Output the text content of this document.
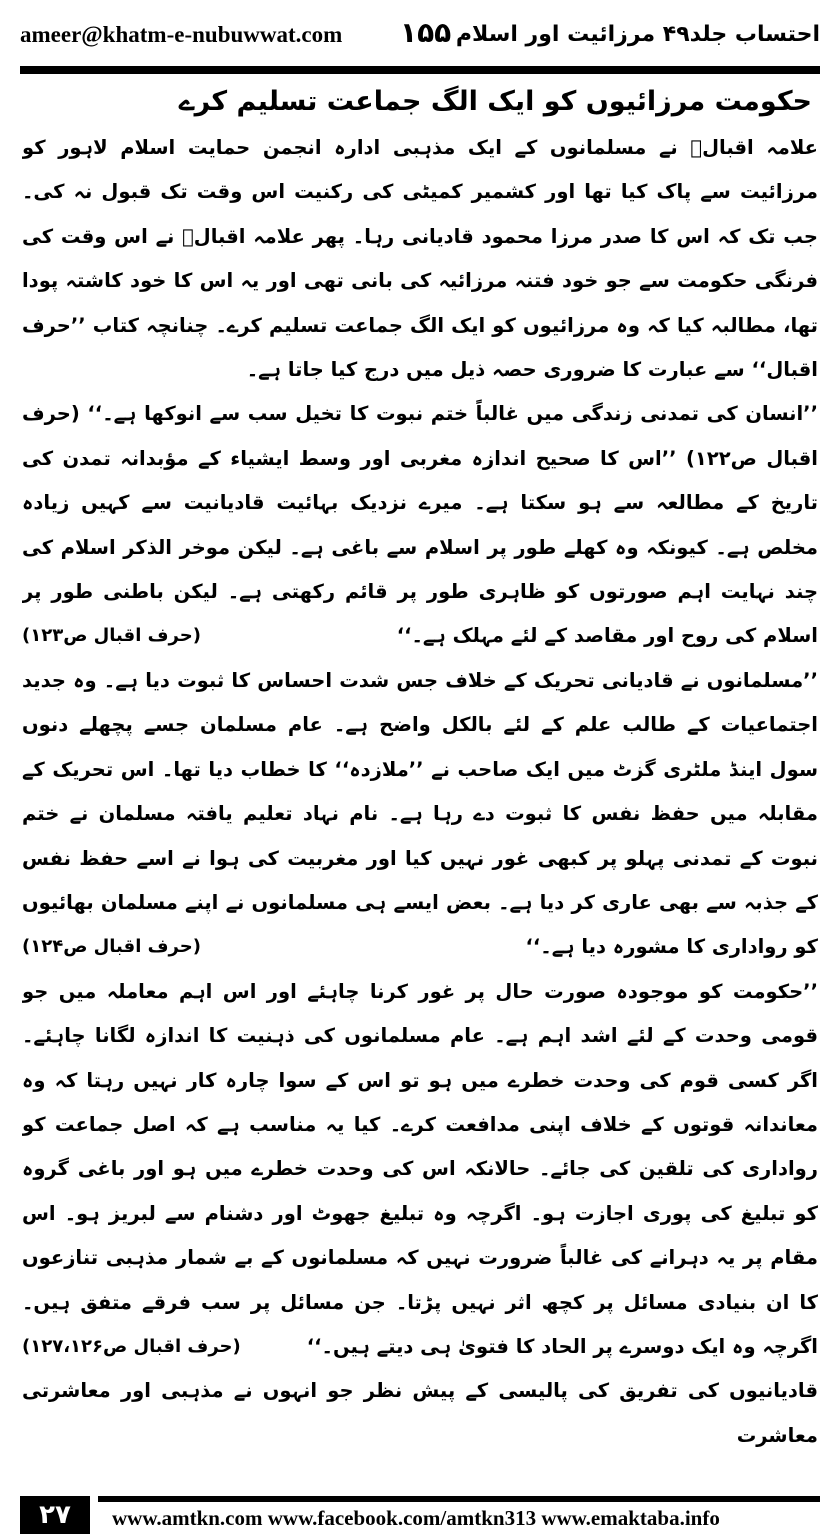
ameer@khatm-e-nubuwwat.com ۱۵۵ احتساب جلد۴۹ مرزائیت اور اسلام
حکومت مرزائیوں کو ایک الگ جماعت تسلیم کرے

علامہ اقبالؒ نے مسلمانوں کے ایک مذہبی ادارہ انجمن حمایت اسلام لاہور کو مرزائیت سے پاک کیا تھا اور کشمیر کمیٹی کی رکنیت اس وقت تک قبول نہ کی۔ جب تک کہ اس کا صدر مرزا محمود قادیانی رہا۔ پھر علامہ اقبالؒ نے اس وقت کی فرنگی حکومت سے جو خود فتنہ مرزائیہ کی بانی تھی اور یہ اس کا خود کاشتہ پودا تھا، مطالبہ کیا کہ وہ مرزائیوں کو ایک الگ جماعت تسلیم کرے۔ چنانچہ کتاب ’’حرف اقبال‘‘ سے عبارت کا ضروری حصہ ذیل میں درج کیا جاتا ہے۔

’’انسان کی تمدنی زندگی میں غالباً ختم نبوت کا تخیل سب سے انوکھا ہے۔‘‘ (حرف اقبال ص۱۲۲) ’’اس کا صحیح اندازہ مغربی اور وسط ایشیاء کے مؤبدانہ تمدن کی تاریخ کے مطالعہ سے ہو سکتا ہے۔ میرے نزدیک بہائیت قادیانیت سے کہیں زیادہ مخلص ہے۔ کیونکہ وہ کھلے طور پر اسلام سے باغی ہے۔ لیکن موخر الذکر اسلام کی چند نہایت اہم صورتوں کو ظاہری طور پر قائم رکھتی ہے۔ لیکن باطنی طور پر اسلام کی روح اور مقاصد کے لئے مہلک ہے۔‘‘
(حرف اقبال ص۱۲۳)

’’مسلمانوں نے قادیانی تحریک کے خلاف جس شدت احساس کا ثبوت دیا ہے۔ وہ جدید اجتماعیات کے طالب علم کے لئے بالکل واضح ہے۔ عام مسلمان جسے پچھلے دنوں سول اینڈ ملٹری گزٹ میں ایک صاحب نے ’’ملازدہ‘‘ کا خطاب دیا تھا۔ اس تحریک کے مقابلہ میں حفظ نفس کا ثبوت دے رہا ہے۔ نام نہاد تعلیم یافتہ مسلمان نے ختم نبوت کے تمدنی پہلو پر کبھی غور نہیں کیا اور مغربیت کی ہوا نے اسے حفظ نفس کے جذبہ سے بھی عاری کر دیا ہے۔ بعض ایسے ہی مسلمانوں نے اپنے مسلمان بھائیوں کو رواداری کا مشورہ دیا ہے۔‘‘
(حرف اقبال ص۱۲۴)

’’حکومت کو موجودہ صورت حال پر غور کرنا چاہئے اور اس اہم معاملہ میں جو قومی وحدت کے لئے اشد اہم ہے۔ عام مسلمانوں کی ذہنیت کا اندازہ لگانا چاہئے۔ اگر کسی قوم کی وحدت خطرے میں ہو تو اس کے سوا چارہ کار نہیں رہتا کہ وہ معاندانہ قوتوں کے خلاف اپنی مدافعت کرے۔ کیا یہ مناسب ہے کہ اصل جماعت کو رواداری کی تلقین کی جائے۔ حالانکہ اس کی وحدت خطرے میں ہو اور باغی گروہ کو تبلیغ کی پوری اجازت ہو۔ اگرچہ وہ تبلیغ جھوٹ اور دشنام سے لبریز ہو۔ اس مقام پر یہ دہرانے کی غالباً ضرورت نہیں کہ مسلمانوں کے بے شمار مذہبی تنازعوں کا ان بنیادی مسائل پر کچھ اثر نہیں پڑتا۔ جن مسائل پر سب فرقے متفق ہیں۔ اگرچہ وہ ایک دوسرے پر الحاد کا فتویٰ ہی دیتے ہیں۔‘‘
(حرف اقبال ص۱۲۷،۱۲۶)

قادیانیوں کی تفریق کی پالیسی کے پیش نظر جو انہوں نے مذہبی اور معاشرتی معاشرت

۲۷	www.amtkn.com www.facebook.com/amtkn313 www.emaktaba.info
